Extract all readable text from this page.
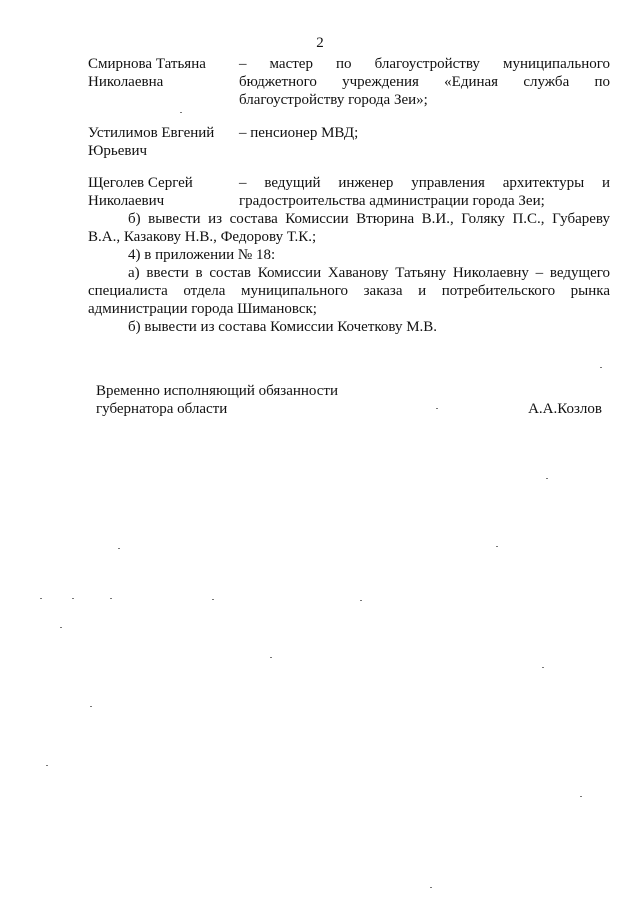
2
Смирнова Татьяна Николаевна
– мастер по благоустройству муниципального бюджетного учреждения «Единая служба по благоустройству города Зеи»;
Устилимов Евгений Юрьевич
– пенсионер МВД;
Щеголев Сергей Николаевич
– ведущий инженер управления архитектуры и градостроительства администрации города Зеи;
б) вывести из состава Комиссии Втюрина В.И., Голяку П.С., Губареву В.А., Казакову Н.В., Федорову Т.К.;
4) в приложении № 18:
а) ввести в состав Комиссии Хаванову Татьяну Николаевну – ведущего специалиста отдела муниципального заказа и потребительского рынка администрации города Шимановск;
б) вывести из состава Комиссии Кочеткову М.В.
Временно исполняющий обязанности губернатора области	А.А.Козлов
